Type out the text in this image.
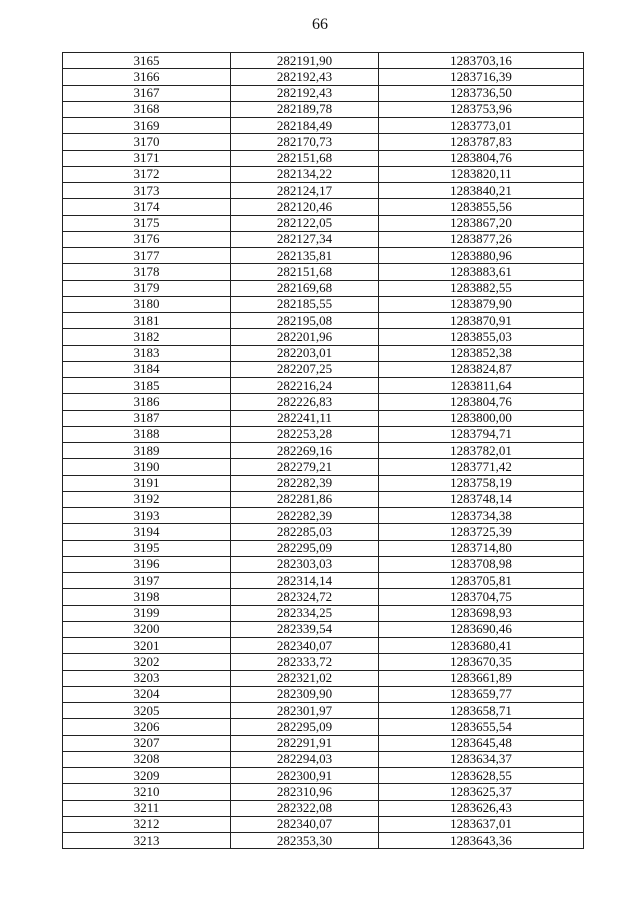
66
3165	282191,90	1283703,16
3166	282192,43	1283716,39
3167	282192,43	1283736,50
3168	282189,78	1283753,96
3169	282184,49	1283773,01
3170	282170,73	1283787,83
3171	282151,68	1283804,76
3172	282134,22	1283820,11
3173	282124,17	1283840,21
3174	282120,46	1283855,56
3175	282122,05	1283867,20
3176	282127,34	1283877,26
3177	282135,81	1283880,96
3178	282151,68	1283883,61
3179	282169,68	1283882,55
3180	282185,55	1283879,90
3181	282195,08	1283870,91
3182	282201,96	1283855,03
3183	282203,01	1283852,38
3184	282207,25	1283824,87
3185	282216,24	1283811,64
3186	282226,83	1283804,76
3187	282241,11	1283800,00
3188	282253,28	1283794,71
3189	282269,16	1283782,01
3190	282279,21	1283771,42
3191	282282,39	1283758,19
3192	282281,86	1283748,14
3193	282282,39	1283734,38
3194	282285,03	1283725,39
3195	282295,09	1283714,80
3196	282303,03	1283708,98
3197	282314,14	1283705,81
3198	282324,72	1283704,75
3199	282334,25	1283698,93
3200	282339,54	1283690,46
3201	282340,07	1283680,41
3202	282333,72	1283670,35
3203	282321,02	1283661,89
3204	282309,90	1283659,77
3205	282301,97	1283658,71
3206	282295,09	1283655,54
3207	282291,91	1283645,48
3208	282294,03	1283634,37
3209	282300,91	1283628,55
3210	282310,96	1283625,37
3211	282322,08	1283626,43
3212	282340,07	1283637,01
3213	282353,30	1283643,36
